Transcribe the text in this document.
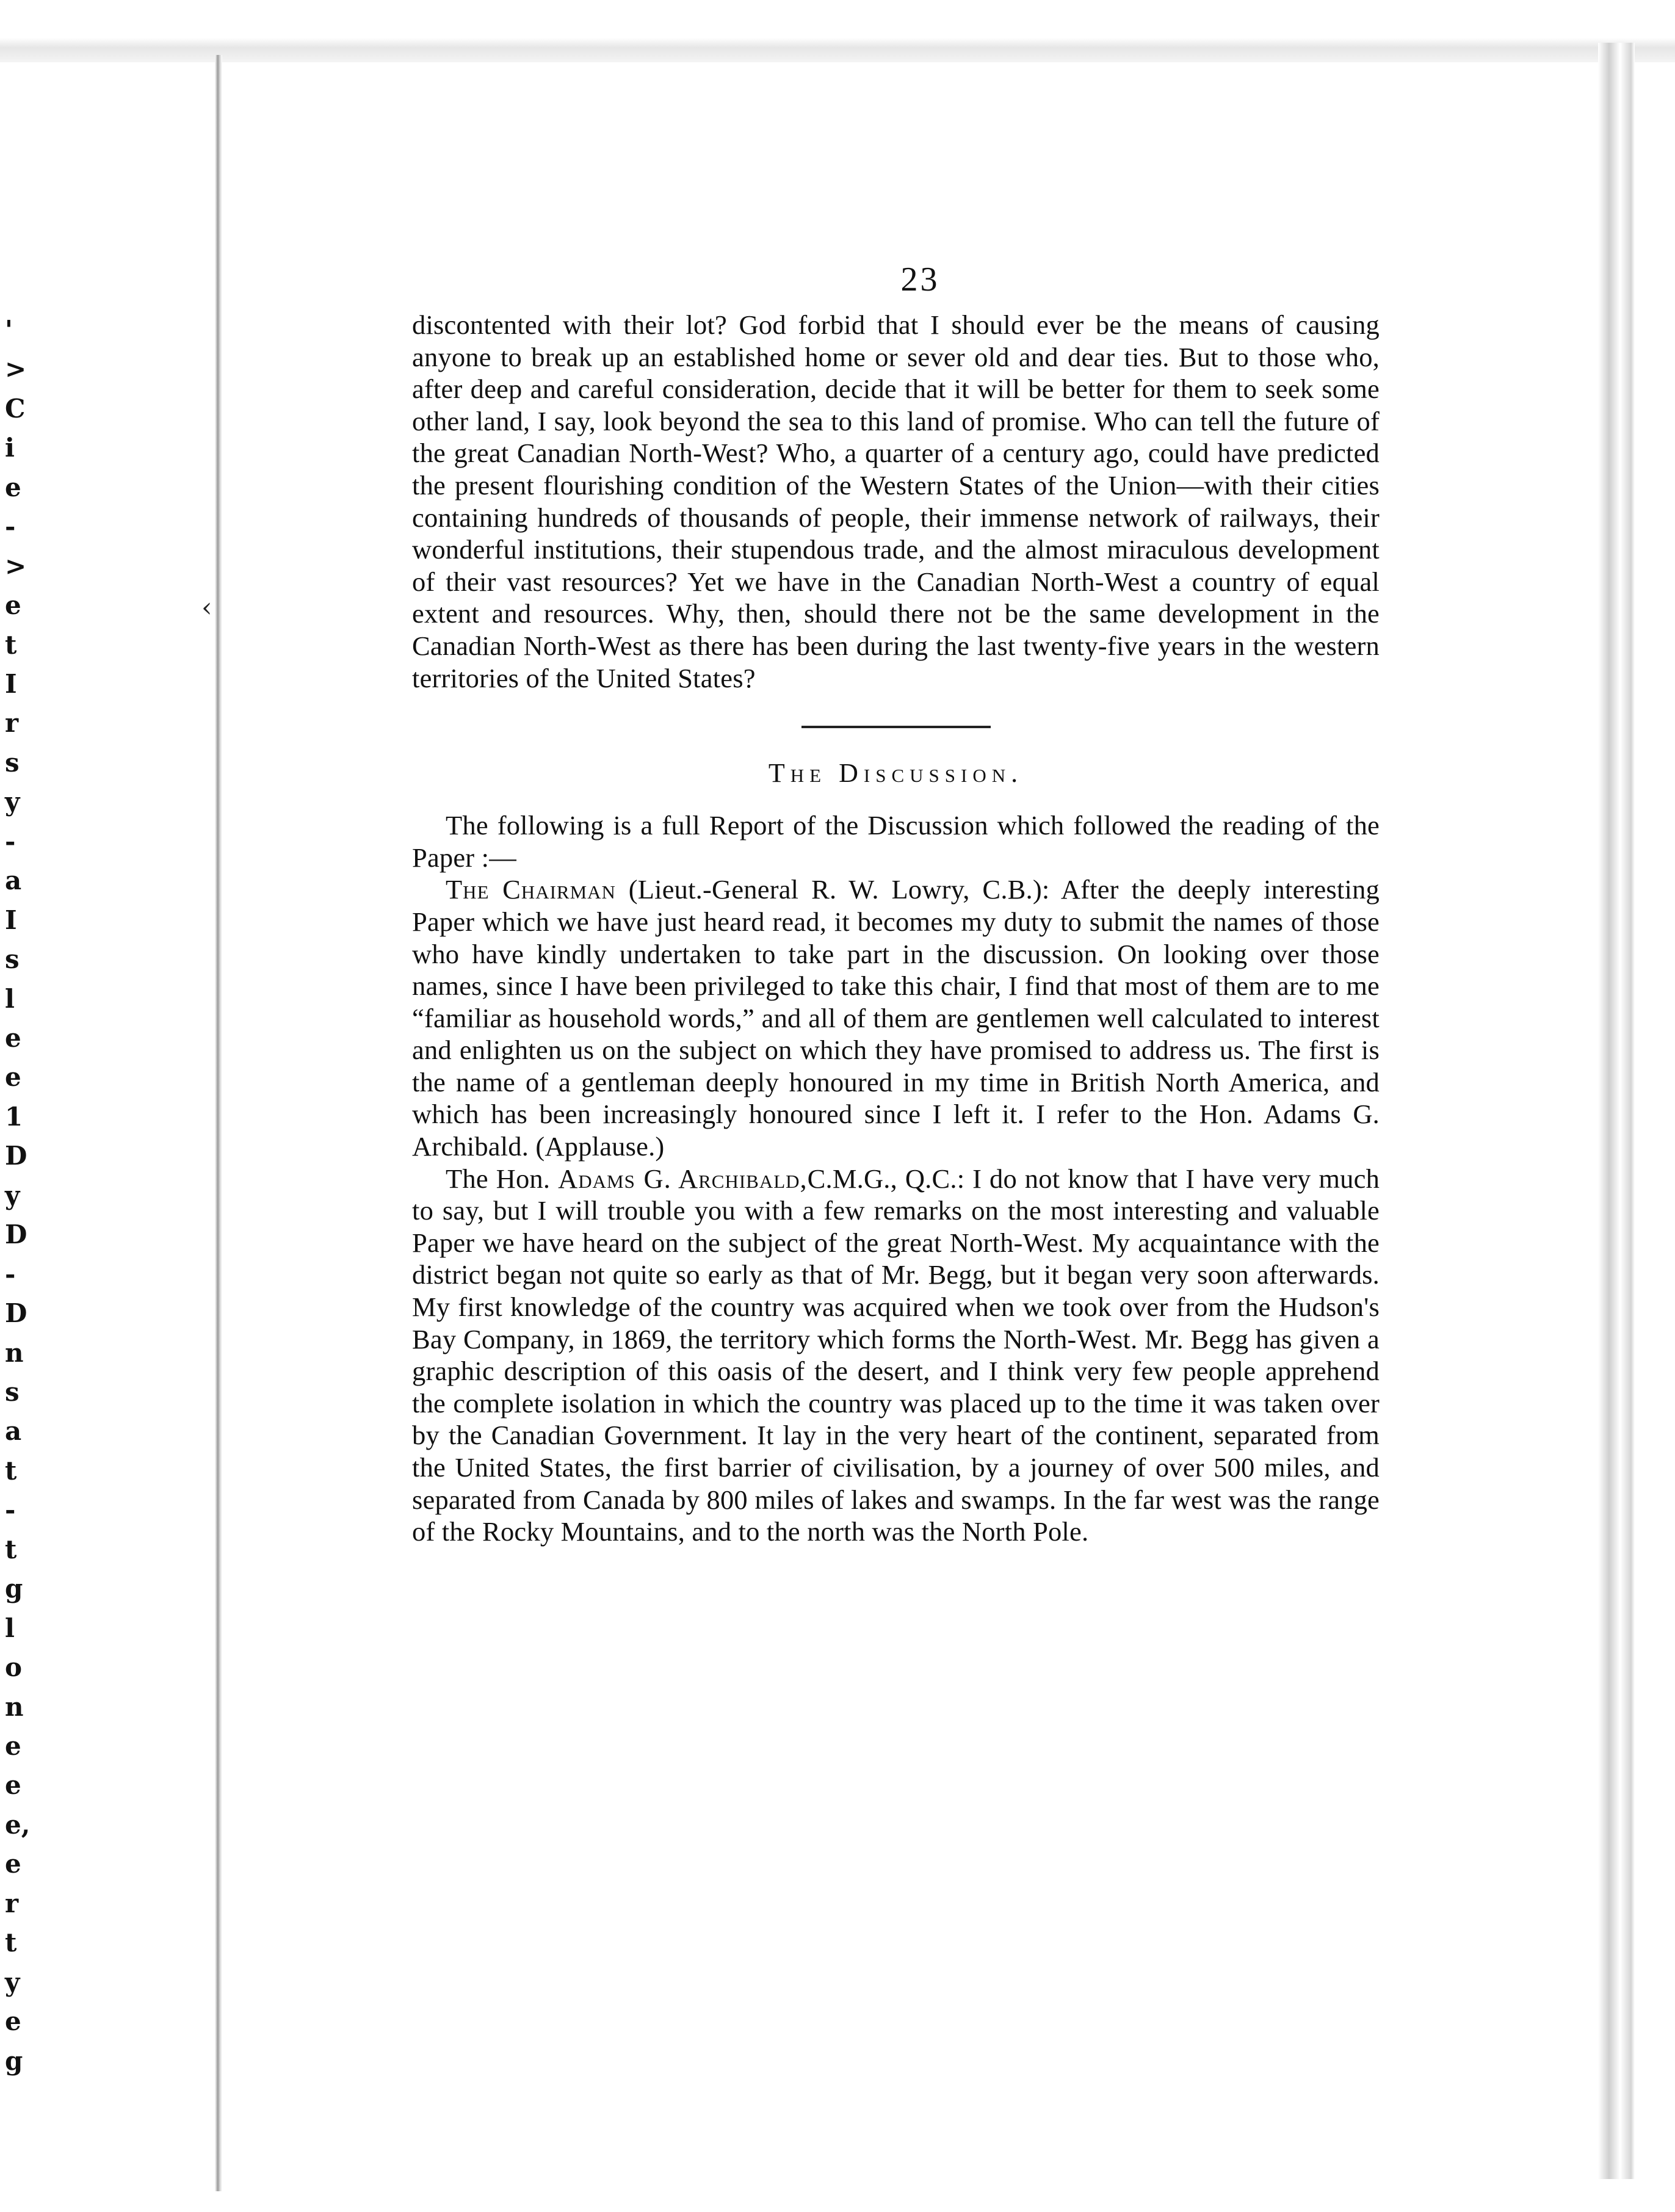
‹
'
>
C
i
e
-
>
e
t
I
r
s
y
-
a
I
s
l
e
e
1
D
y
D
-
D
n
s
a
t
-
t
g
l
o
n
e
e
e,
e
r
t
y
e
g
23

discontented with their lot? God forbid that I should ever be the means of causing anyone to break up an established home or sever old and dear ties. But to those who, after deep and careful consideration, decide that it will be better for them to seek some other land, I say, look beyond the sea to this land of promise. Who can tell the future of the great Canadian North-West? Who, a quarter of a century ago, could have predicted the present flourishing condition of the Western States of the Union—with their cities containing hundreds of thousands of people, their immense network of railways, their wonderful institutions, their stupendous trade, and the almost miraculous development of their vast resources? Yet we have in the Canadian North-West a country of equal extent and resources. Why, then, should there not be the same development in the Canadian North-West as there has been during the last twenty-five years in the western territories of the United States?

The Discussion.

The following is a full Report of the Discussion which followed the reading of the Paper :—

The Chairman (Lieut.-General R. W. Lowry, C.B.): After the deeply interesting Paper which we have just heard read, it becomes my duty to submit the names of those who have kindly undertaken to take part in the discussion. On looking over those names, since I have been privileged to take this chair, I find that most of them are to me “familiar as household words,” and all of them are gentlemen well calculated to interest and enlighten us on the subject on which they have promised to address us. The first is the name of a gentleman deeply honoured in my time in British North America, and which has been increasingly honoured since I left it. I refer to the Hon. Adams G. Archibald. (Applause.)

The Hon. Adams G. Archibald,C.M.G., Q.C.: I do not know that I have very much to say, but I will trouble you with a few remarks on the most interesting and valuable Paper we have heard on the subject of the great North-West. My acquaintance with the district began not quite so early as that of Mr. Begg, but it began very soon afterwards. My first knowledge of the country was acquired when we took over from the Hudson's Bay Company, in 1869, the territory which forms the North-West. Mr. Begg has given a graphic description of this oasis of the desert, and I think very few people apprehend the complete isolation in which the country was placed up to the time it was taken over by the Canadian Government. It lay in the very heart of the continent, separated from the United States, the first barrier of civilisation, by a journey of over 500 miles, and separated from Canada by 800 miles of lakes and swamps. In the far west was the range of the Rocky Mountains, and to the north was the North Pole.
